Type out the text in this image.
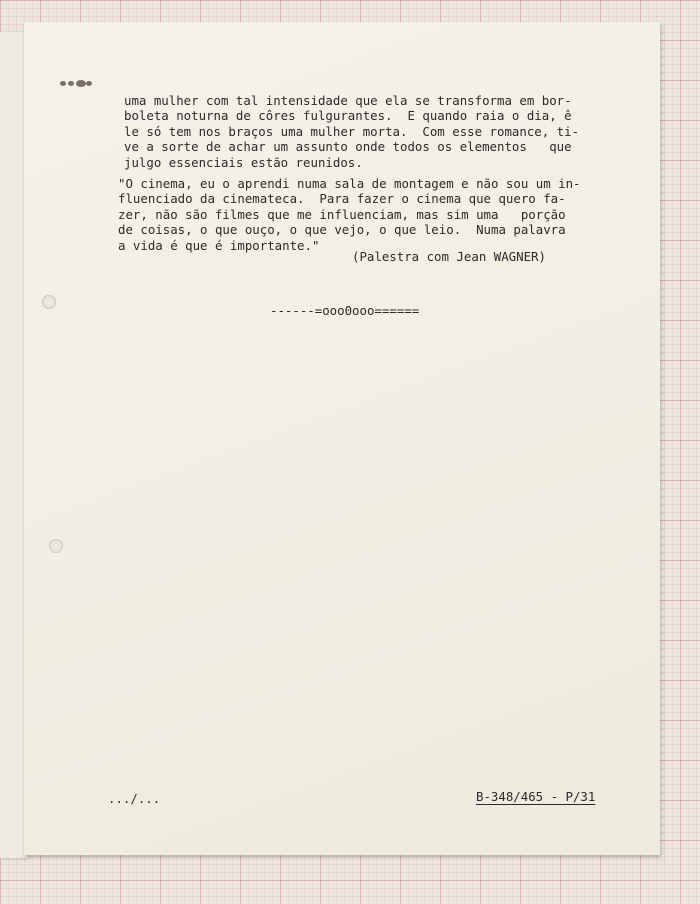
uma mulher com tal intensidade que ela se transforma em bor-
boleta noturna de côres fulgurantes.  E quando raia o dia, ê
le só tem nos braços uma mulher morta.  Com esse romance, ti-
ve a sorte de achar um assunto onde todos os elementos   que
julgo essenciais estão reunidos.

"O cinema, eu o aprendi numa sala de montagem e não sou um in-
fluenciado da cinemateca.  Para fazer o cinema que quero fa-
zer, não são filmes que me influenciam, mas sim uma   porção
de coisas, o que ouço, o que vejo, o que leio.  Numa palavra
a vida é que é importante."

(Palestra com Jean WAGNER)
------=ooo0ooo======
.../...	B-348/465 - P/31
